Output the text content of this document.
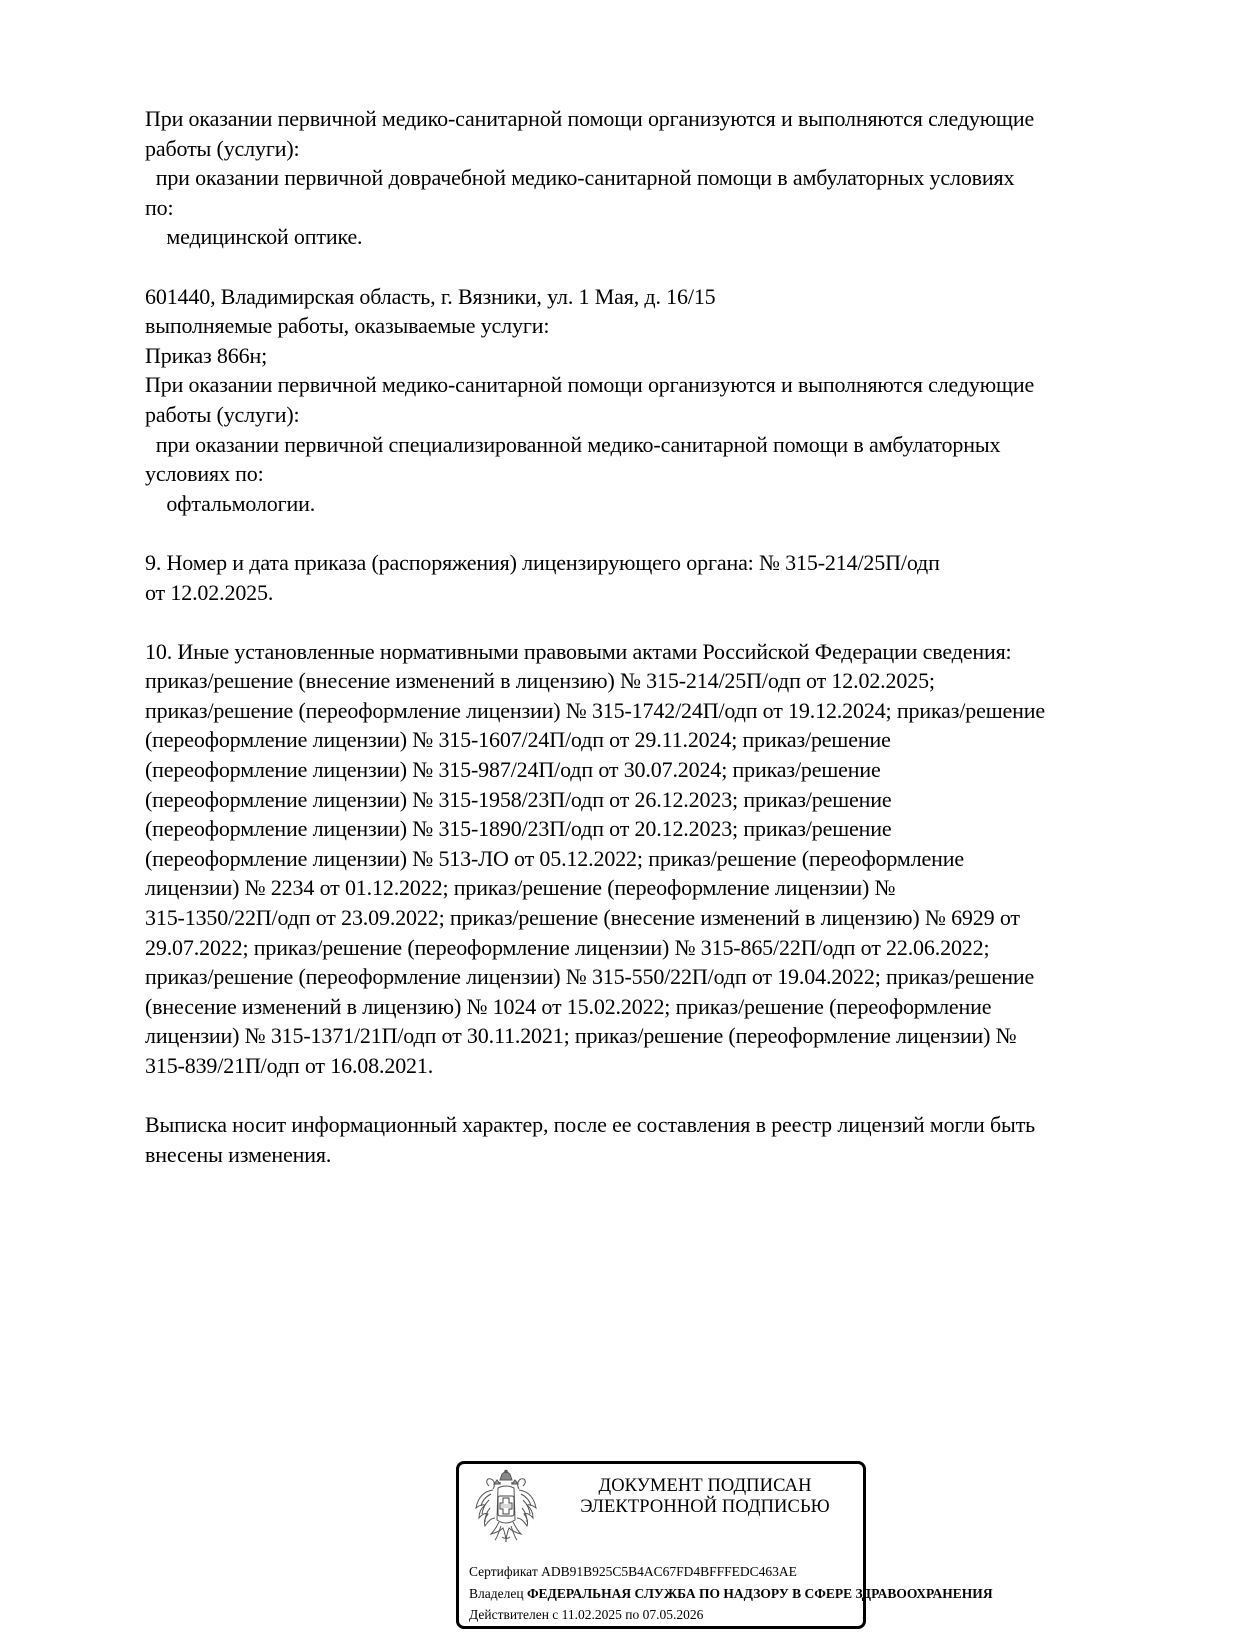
При оказании первичной медико-санитарной помощи организуются и выполняются следующие
работы (услуги):
при оказании первичной доврачебной медико-санитарной помощи в амбулаторных условиях
по:
медицинской оптике.
601440, Владимирская область, г. Вязники, ул. 1 Мая, д. 16/15
выполняемые работы, оказываемые услуги:
Приказ 866н;
При оказании первичной медико-санитарной помощи организуются и выполняются следующие
работы (услуги):
при оказании первичной специализированной медико-санитарной помощи в амбулаторных
условиях по:
офтальмологии.
9. Номер и дата приказа (распоряжения) лицензирующего органа: № 315-214/25П/одп
от 12.02.2025.
10. Иные установленные нормативными правовыми актами Российской Федерации сведения:
приказ/решение (внесение изменений в лицензию) № 315-214/25П/одп от 12.02.2025;
приказ/решение (переоформление лицензии) № 315-1742/24П/одп от 19.12.2024; приказ/решение
(переоформление лицензии) № 315-1607/24П/одп от 29.11.2024; приказ/решение
(переоформление лицензии) № 315-987/24П/одп от 30.07.2024; приказ/решение
(переоформление лицензии) № 315-1958/23П/одп от 26.12.2023; приказ/решение
(переоформление лицензии) № 315-1890/23П/одп от 20.12.2023; приказ/решение
(переоформление лицензии) № 513-ЛО от 05.12.2022; приказ/решение (переоформление
лицензии) № 2234 от 01.12.2022; приказ/решение (переоформление лицензии) №
315-1350/22П/одп от 23.09.2022; приказ/решение (внесение изменений в лицензию) № 6929 от
29.07.2022; приказ/решение (переоформление лицензии) № 315-865/22П/одп от 22.06.2022;
приказ/решение (переоформление лицензии) № 315-550/22П/одп от 19.04.2022; приказ/решение
(внесение изменений в лицензию) № 1024 от 15.02.2022; приказ/решение (переоформление
лицензии) № 315-1371/21П/одп от 30.11.2021; приказ/решение (переоформление лицензии) №
315-839/21П/одп от 16.08.2021.
Выписка носит информационный характер, после ее составления в реестр лицензий могли быть
внесены изменения.
ДОКУМЕНТ ПОДПИСАН
ЭЛЕКТРОННОЙ ПОДПИСЬЮ
Сертификат ADB91B925C5B4AC67FD4BFFFEDC463AE
Владелец ФЕДЕРАЛЬНАЯ СЛУЖБА ПО НАДЗОРУ В СФЕРЕ ЗДРАВООХРАНЕНИЯ
Действителен с 11.02.2025 по 07.05.2026
